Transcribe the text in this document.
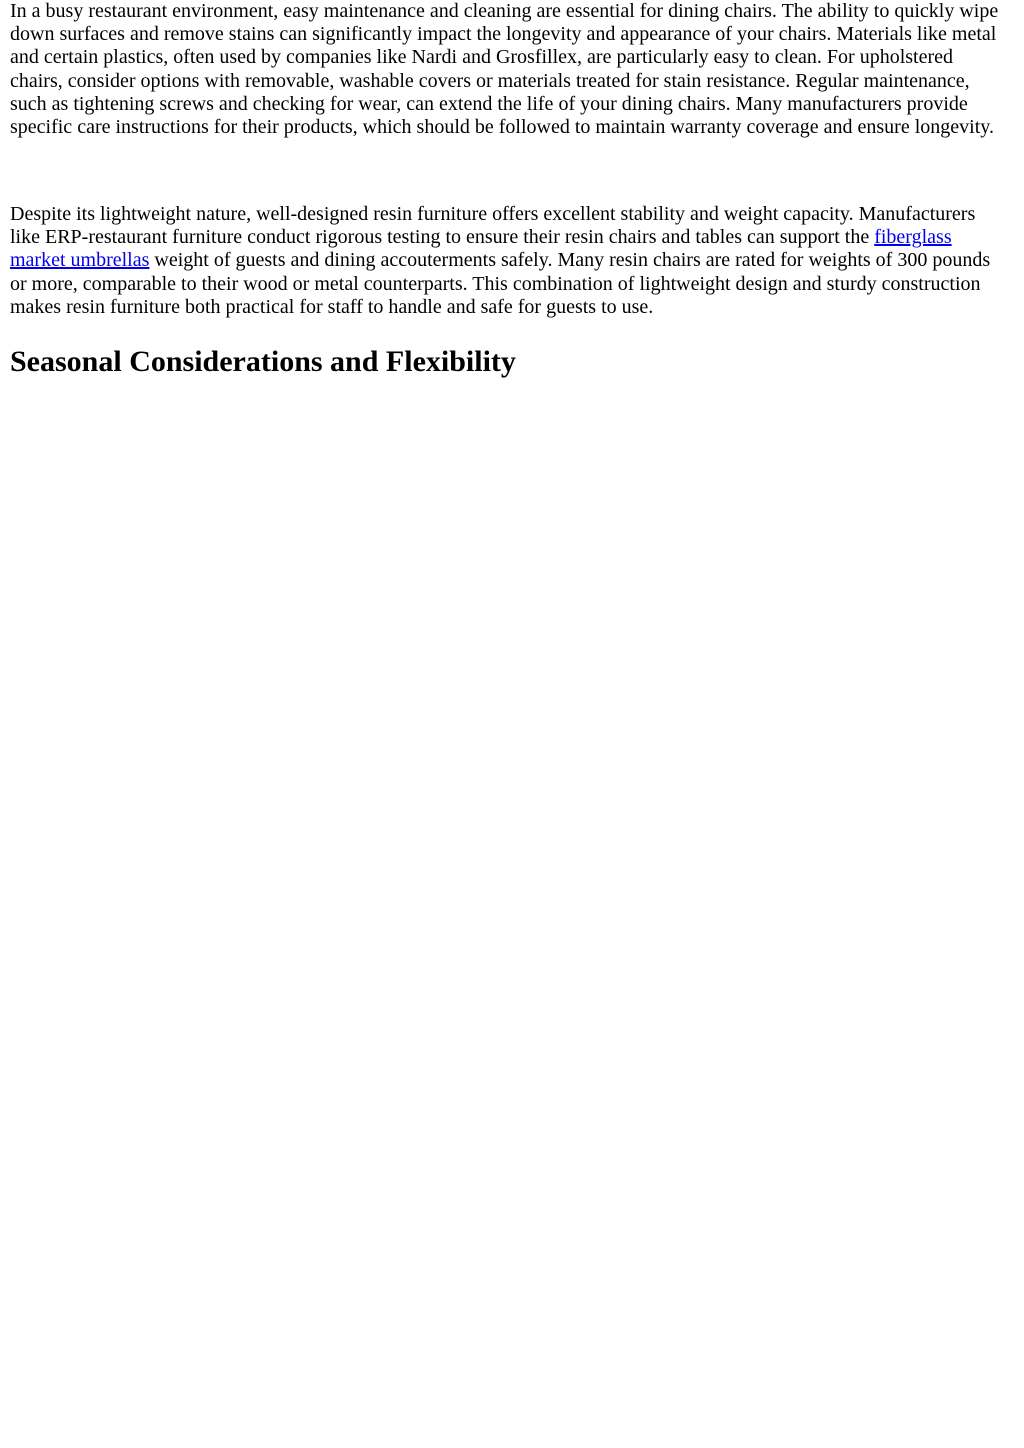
In a busy restaurant environment, easy maintenance and cleaning are essential for dining chairs. The ability to quickly wipe down surfaces and remove stains can significantly impact the longevity and appearance of your chairs. Materials like metal and certain plastics, often used by companies like Nardi and Grosfillex, are particularly easy to clean. For upholstered chairs, consider options with removable, washable covers or materials treated for stain resistance. Regular maintenance, such as tightening screws and checking for wear, can extend the life of your dining chairs. Many manufacturers provide specific care instructions for their products, which should be followed to maintain warranty coverage and ensure longevity.

Despite its lightweight nature, well-designed resin furniture offers excellent stability and weight capacity. Manufacturers like ERP-restaurant furniture conduct rigorous testing to ensure their resin chairs and tables can support the fiberglass market umbrellas weight of guests and dining accouterments safely. Many resin chairs are rated for weights of 300 pounds or more, comparable to their wood or metal counterparts. This combination of lightweight design and sturdy construction makes resin furniture both practical for staff to handle and safe for guests to use.

Seasonal Considerations and Flexibility
